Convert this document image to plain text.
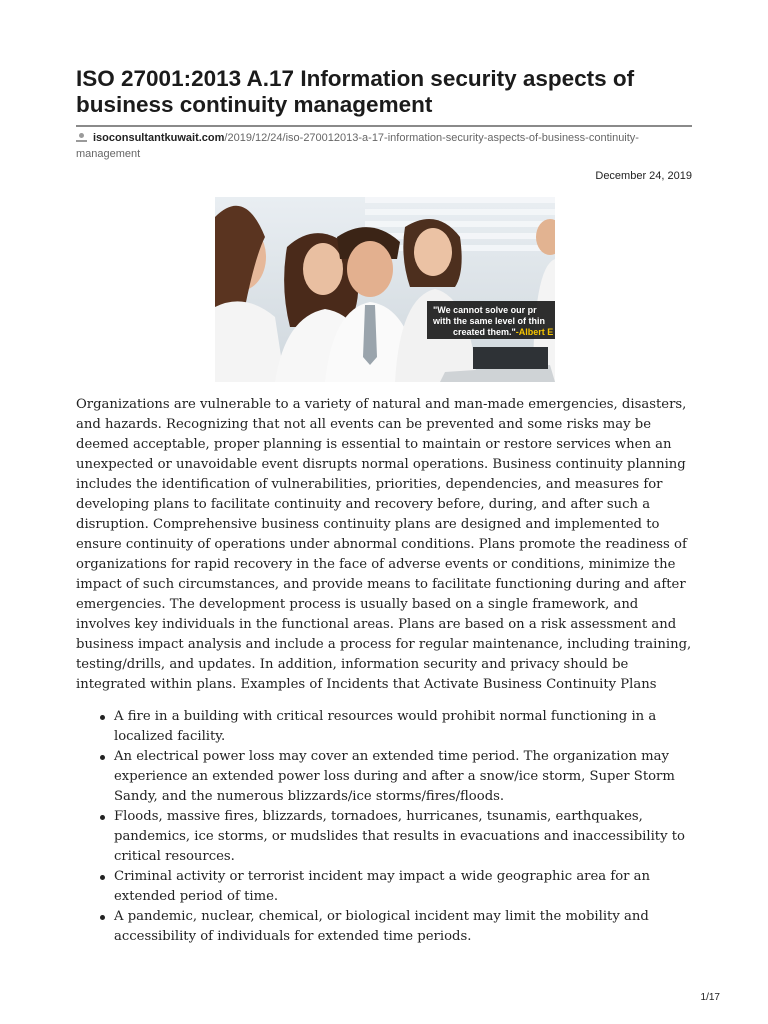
ISO 27001:2013 A.17 Information security aspects of business continuity management
isoconsultantkuwait.com/2019/12/24/iso-270012013-a-17-information-security-aspects-of-business-continuity-management
December 24, 2019
"We cannot solve our pr
with the same level of thin
created them."-Albert E

Organizations are vulnerable to a variety of natural and man-made emergencies, disasters, and hazards. Recognizing that not all events can be prevented and some risks may be deemed acceptable, proper planning is essential to maintain or restore services when an unexpected or unavoidable event disrupts normal operations. Business continuity planning includes the identification of vulnerabilities, priorities, dependencies, and measures for developing plans to facilitate continuity and recovery before, during, and after such a disruption. Comprehensive business continuity plans are designed and implemented to ensure continuity of operations under abnormal conditions. Plans promote the readiness of organizations for rapid recovery in the face of adverse events or conditions, minimize the impact of such circumstances, and provide means to facilitate functioning during and after emergencies. The development process is usually based on a single framework, and involves key individuals in the functional areas. Plans are based on a risk assessment and business impact analysis and include a process for regular maintenance, including training, testing/drills, and updates. In addition, information security and privacy should be integrated within plans. Examples of Incidents that Activate Business Continuity Plans

A fire in a building with critical resources would prohibit normal functioning in a localized facility.
An electrical power loss may cover an extended time period. The organization may experience an extended power loss during and after a snow/ice storm, Super Storm Sandy, and the numerous blizzards/ice storms/fires/floods.
Floods, massive fires, blizzards, tornadoes, hurricanes, tsunamis, earthquakes, pandemics, ice storms, or mudslides that results in evacuations and inaccessibility to critical resources.
Criminal activity or terrorist incident may impact a wide geographic area for an extended period of time.
A pandemic, nuclear, chemical, or biological incident may limit the mobility and accessibility of individuals for extended time periods.
1/17
